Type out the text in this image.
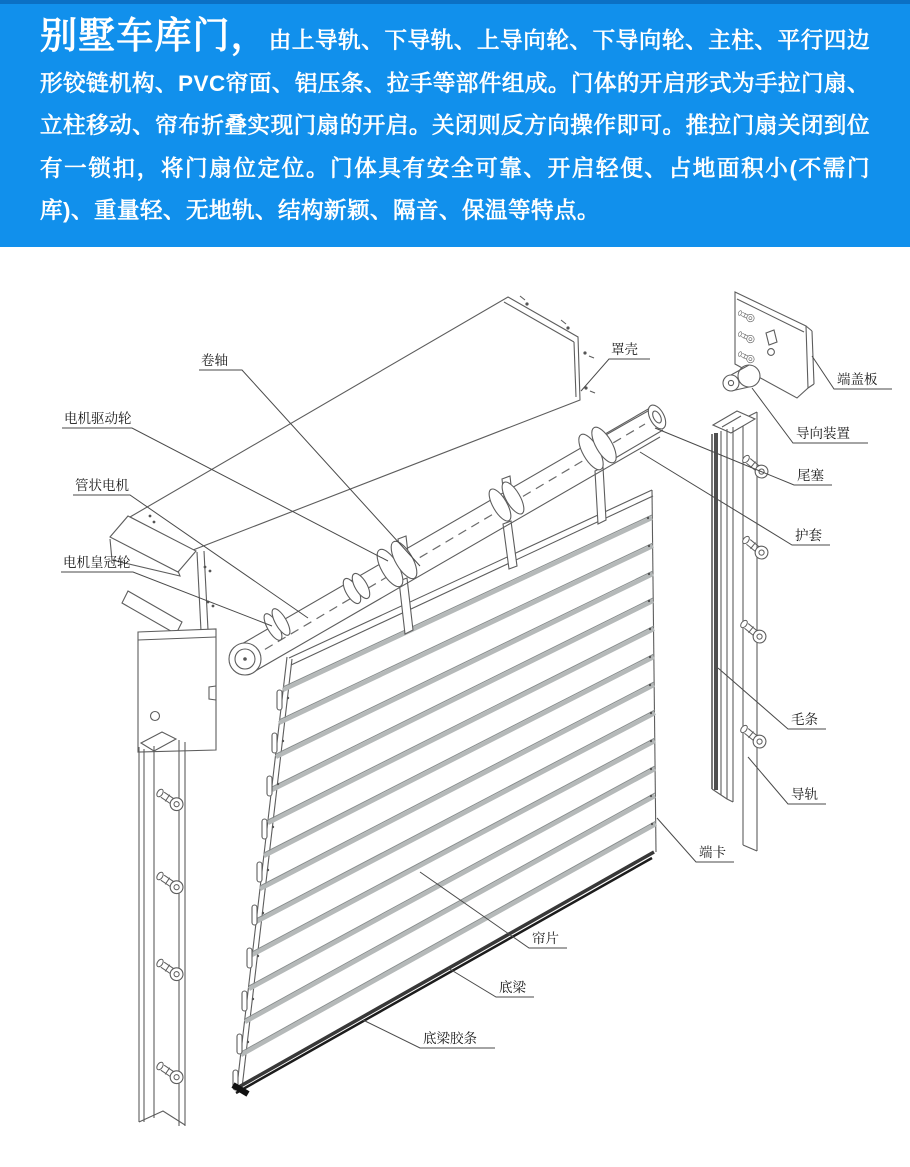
别墅车库门，由上导轨、下导轨、上导向轮、下导向轮、主柱、平行四边形铰链机构、PVC帘面、铝压条、拉手等部件组成。门体的开启形式为手拉门扇、立柱移动、帘布折叠实现门扇的开启。关闭则反方向操作即可。推拉门扇关闭到位有一锁扣，将门扇位定位。门体具有安全可靠、开启轻便、占地面积小(不需门库)、重量轻、无地轨、结构新颖、隔音、保温等特点。

卷轴
电机驱动轮
管状电机
电机皇冠轮
罩壳
端盖板
导向装置
尾塞
护套
毛条
导轨
端卡
帘片
底梁
底梁胶条
